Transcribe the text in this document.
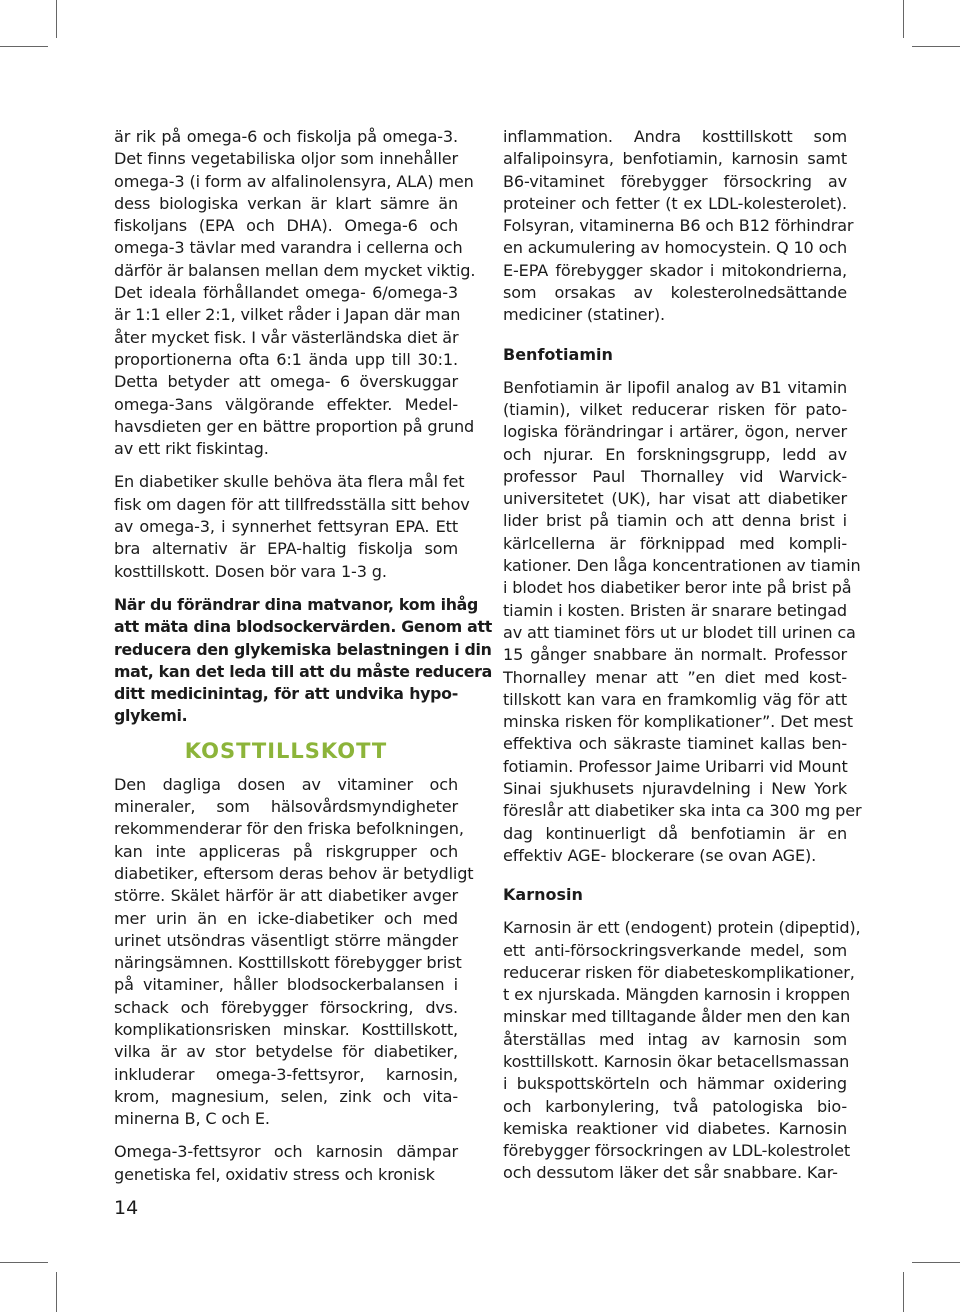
är rik på omega-6 och fiskolja på omega-3.
Det finns vegetabiliska oljor som innehåller
omega-3 (i form av alfalinolensyra, ALA) men
dess biologiska verkan är klart sämre än
fiskoljans (EPA och DHA). Omega-6 och
omega-3 tävlar med varandra i cellerna och
därför är balansen mellan dem mycket viktig.
Det ideala förhållandet omega- 6/omega-3
är 1:1 eller 2:1, vilket råder i Japan där man
åter mycket fisk. I vår västerländska diet är
proportionerna ofta 6:1 ända upp till 30:1.
Detta betyder att omega- 6 överskuggar
omega-3ans välgörande effekter. Medel-
havsdieten ger en bättre proportion på grund
av ett rikt fiskintag.
En diabetiker skulle behöva äta flera mål fet
fisk om dagen för att tillfredsställa sitt behov
av omega-3, i synnerhet fettsyran EPA. Ett
bra alternativ är EPA-haltig fiskolja som
kosttillskott. Dosen bör vara 1-3 g.
När du förändrar dina matvanor, kom ihåg
att mäta dina blodsockervärden. Genom att
reducera den glykemiska belastningen i din
mat, kan det leda till att du måste reducera
ditt medicinintag, för att undvika hypo-
glykemi.
KOSTTILLSKOTT
Den dagliga dosen av vitaminer och
mineraler, som hälsovårdsmyndigheter
rekommenderar för den friska befolkningen,
kan inte appliceras på riskgrupper och
diabetiker, eftersom deras behov är betydligt
större. Skälet härför är att diabetiker avger
mer urin än en icke-diabetiker och med
urinet utsöndras väsentligt större mängder
näringsämnen. Kosttillskott förebygger brist
på vitaminer, håller blodsockerbalansen i
schack och förebygger försockring, dvs.
komplikationsrisken minskar. Kosttillskott,
vilka är av stor betydelse för diabetiker,
inkluderar omega-3-fettsyror, karnosin,
krom, magnesium, selen, zink och vita-
minerna B, C och E.
Omega-3-fettsyror och karnosin dämpar
genetiska fel, oxidativ stress och kronisk
inflammation. Andra kosttillskott som
alfalipoinsyra, benfotiamin, karnosin samt
B6-vitaminet förebygger försockring av
proteiner och fetter (t ex LDL-kolesterolet).
Folsyran, vitaminerna B6 och B12 förhindrar
en ackumulering av homocystein. Q 10 och
E-EPA förebygger skador i mitokondrierna,
som orsakas av kolesterolnedsättande
mediciner (statiner).
Benfotiamin
Benfotiamin är lipofil analog av B1 vitamin
(tiamin), vilket reducerar risken för pato-
logiska förändringar i artärer, ögon, nerver
och njurar. En forskningsgrupp, ledd av
professor Paul Thornalley vid Warvick-
universitetet (UK), har visat att diabetiker
lider brist på tiamin och att denna brist i
kärlcellerna är förknippad med kompli-
kationer. Den låga koncentrationen av tiamin
i blodet hos diabetiker beror inte på brist på
tiamin i kosten. Bristen är snarare betingad
av att tiaminet förs ut ur blodet till urinen ca
15 gånger snabbare än normalt. Professor
Thornalley menar att ”en diet med kost-
tillskott kan vara en framkomlig väg för att
minska risken för komplikationer”. Det mest
effektiva och säkraste tiaminet kallas ben-
fotiamin. Professor Jaime Uribarri vid Mount
Sinai sjukhusets njuravdelning i New York
föreslår att diabetiker ska inta ca 300 mg per
dag kontinuerligt då benfotiamin är en
effektiv AGE- blockerare (se ovan AGE).
Karnosin
Karnosin är ett (endogent) protein (dipeptid),
ett anti-försockringsverkande medel, som
reducerar risken för diabeteskomplikationer,
t ex njurskada. Mängden karnosin i kroppen
minskar med tilltagande ålder men den kan
återställas med intag av karnosin som
kosttillskott. Karnosin ökar betacellsmassan
i bukspottskörteln och hämmar oxidering
och karbonylering, två patologiska bio-
kemiska reaktioner vid diabetes. Karnosin
förebygger försockringen av LDL-kolestrolet
och dessutom läker det sår snabbare. Kar-
14
